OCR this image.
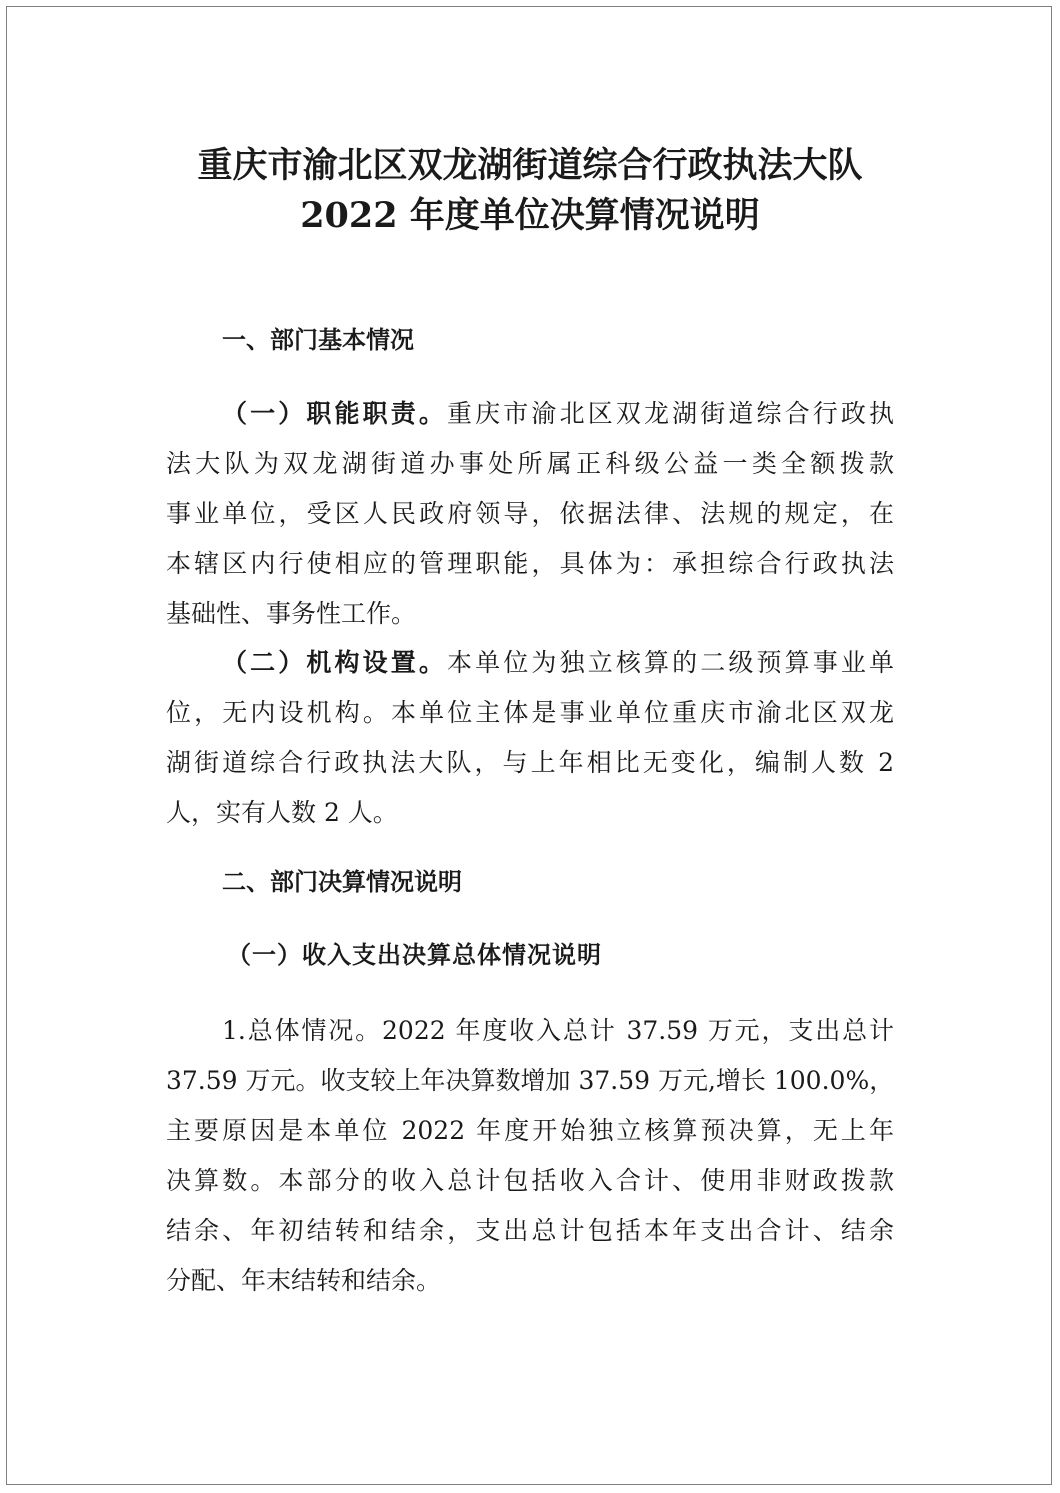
重庆市渝北区双龙湖街道综合行政执法大队
2022 年度单位决算情况说明
一、部门基本情况
（一）职能职责。重庆市渝北区双龙湖街道综合行政执
法大队为双龙湖街道办事处所属正科级公益一类全额拨款
事业单位，受区人民政府领导，依据法律、法规的规定，在
本辖区内行使相应的管理职能，具体为：承担综合行政执法
基础性、事务性工作。
（二）机构设置。本单位为独立核算的二级预算事业单
位，无内设机构。本单位主体是事业单位重庆市渝北区双龙
湖街道综合行政执法大队，与上年相比无变化，编制人数 2
人，实有人数 2 人。
二、部门决算情况说明
（一）收入支出决算总体情况说明
1.总体情况。2022 年度收入总计 37.59 万元，支出总计
37.59 万元。收支较上年决算数增加 37.59 万元,增长 100.0%，
主要原因是本单位 2022 年度开始独立核算预决算，无上年
决算数。本部分的收入总计包括收入合计、使用非财政拨款
结余、年初结转和结余，支出总计包括本年支出合计、结余
分配、年末结转和结余。
